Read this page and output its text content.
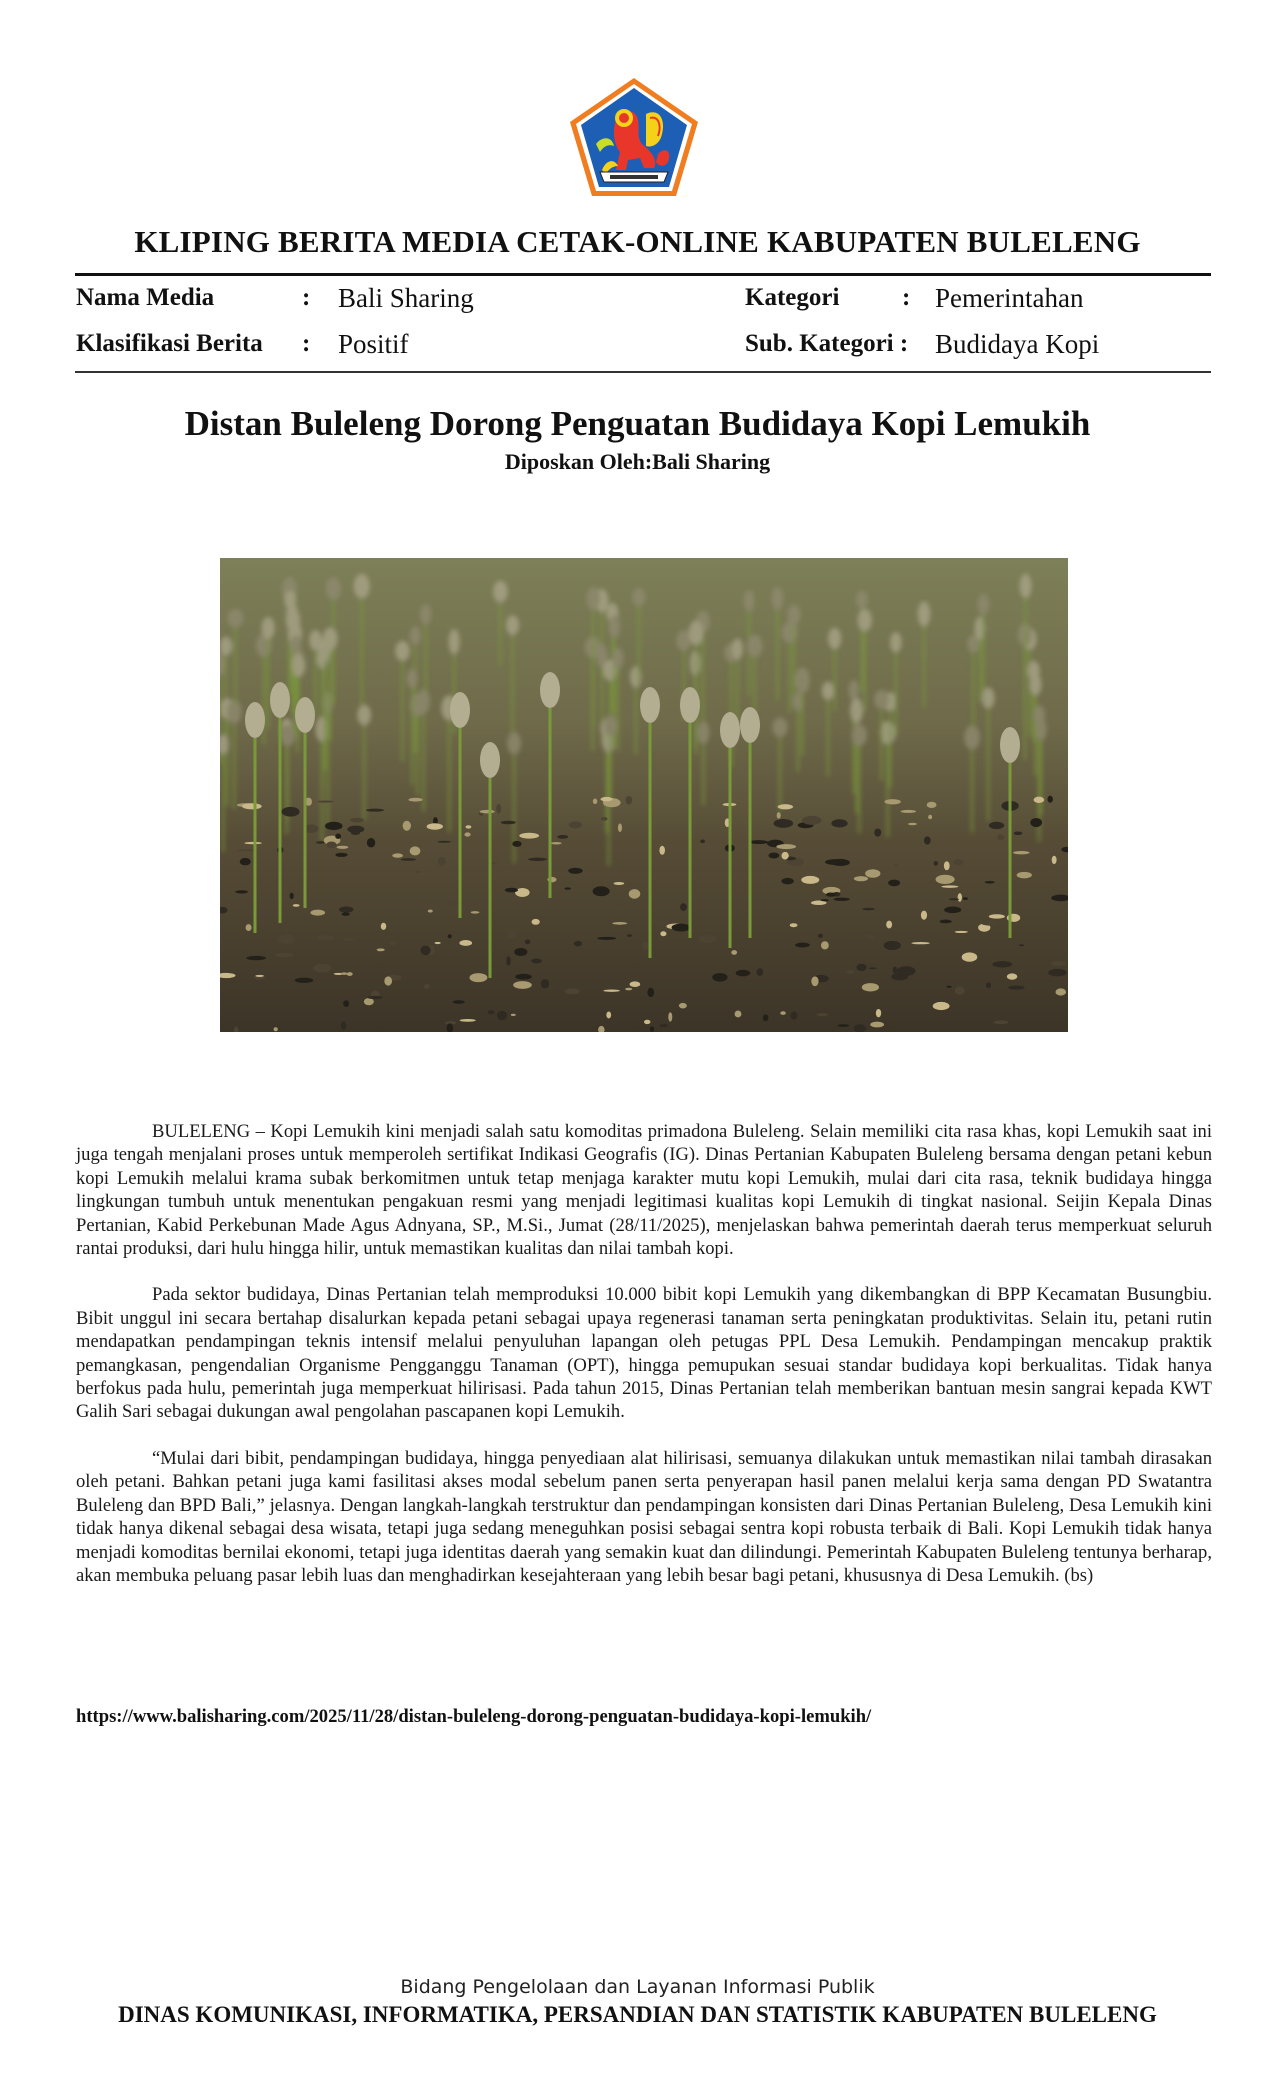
KLIPING BERITA MEDIA CETAK-ONLINE KABUPATEN BULELENG
Nama Media	: Bali Sharing
Klasifikasi Berita : Positif
Kategori	: Pemerintahan
Sub. Kategori : Budidaya Kopi
Distan Buleleng Dorong Penguatan Budidaya Kopi Lemukih
Diposkan Oleh:Bali Sharing

BULELENG – Kopi Lemukih kini menjadi salah satu komoditas primadona Buleleng. Selain memiliki cita rasa khas, kopi Lemukih saat ini juga tengah menjalani proses untuk memperoleh sertifikat Indikasi Geografis (IG). Dinas Pertanian Kabupaten Buleleng bersama dengan petani kebun kopi Lemukih melalui krama subak berkomitmen untuk tetap menjaga karakter mutu kopi Lemukih, mulai dari cita rasa, teknik budidaya hingga lingkungan tumbuh untuk menentukan pengakuan resmi yang menjadi legitimasi kualitas kopi Lemukih di tingkat nasional. Seijin Kepala Dinas Pertanian, Kabid Perkebunan Made Agus Adnyana, SP., M.Si., Jumat (28/11/2025), menjelaskan bahwa pemerintah daerah terus memperkuat seluruh rantai produksi, dari hulu hingga hilir, untuk memastikan kualitas dan nilai tambah kopi.

Pada sektor budidaya, Dinas Pertanian telah memproduksi 10.000 bibit kopi Lemukih yang dikembangkan di BPP Kecamatan Busungbiu. Bibit unggul ini secara bertahap disalurkan kepada petani sebagai upaya regenerasi tanaman serta peningkatan produktivitas. Selain itu, petani rutin mendapatkan pendampingan teknis intensif melalui penyuluhan lapangan oleh petugas PPL Desa Lemukih. Pendampingan mencakup praktik pemangkasan, pengendalian Organisme Pengganggu Tanaman (OPT), hingga pemupukan sesuai standar budidaya kopi berkualitas. Tidak hanya berfokus pada hulu, pemerintah juga memperkuat hilirisasi. Pada tahun 2015, Dinas Pertanian telah memberikan bantuan mesin sangrai kepada KWT Galih Sari sebagai dukungan awal pengolahan pascapanen kopi Lemukih.

“Mulai dari bibit, pendampingan budidaya, hingga penyediaan alat hilirisasi, semuanya dilakukan untuk memastikan nilai tambah dirasakan oleh petani. Bahkan petani juga kami fasilitasi akses modal sebelum panen serta penyerapan hasil panen melalui kerja sama dengan PD Swatantra Buleleng dan BPD Bali,” jelasnya. Dengan langkah-langkah terstruktur dan pendampingan konsisten dari Dinas Pertanian Buleleng, Desa Lemukih kini tidak hanya dikenal sebagai desa wisata, tetapi juga sedang meneguhkan posisi sebagai sentra kopi robusta terbaik di Bali. Kopi Lemukih tidak hanya menjadi komoditas bernilai ekonomi, tetapi juga identitas daerah yang semakin kuat dan dilindungi. Pemerintah Kabupaten Buleleng tentunya berharap, akan membuka peluang pasar lebih luas dan menghadirkan kesejahteraan yang lebih besar bagi petani, khususnya di Desa Lemukih. (bs)

https://www.balisharing.com/2025/11/28/distan-buleleng-dorong-penguatan-budidaya-kopi-lemukih/
Bidang Pengelolaan dan Layanan Informasi Publik
DINAS KOMUNIKASI, INFORMATIKA, PERSANDIAN DAN STATISTIK KABUPATEN BULELENG
